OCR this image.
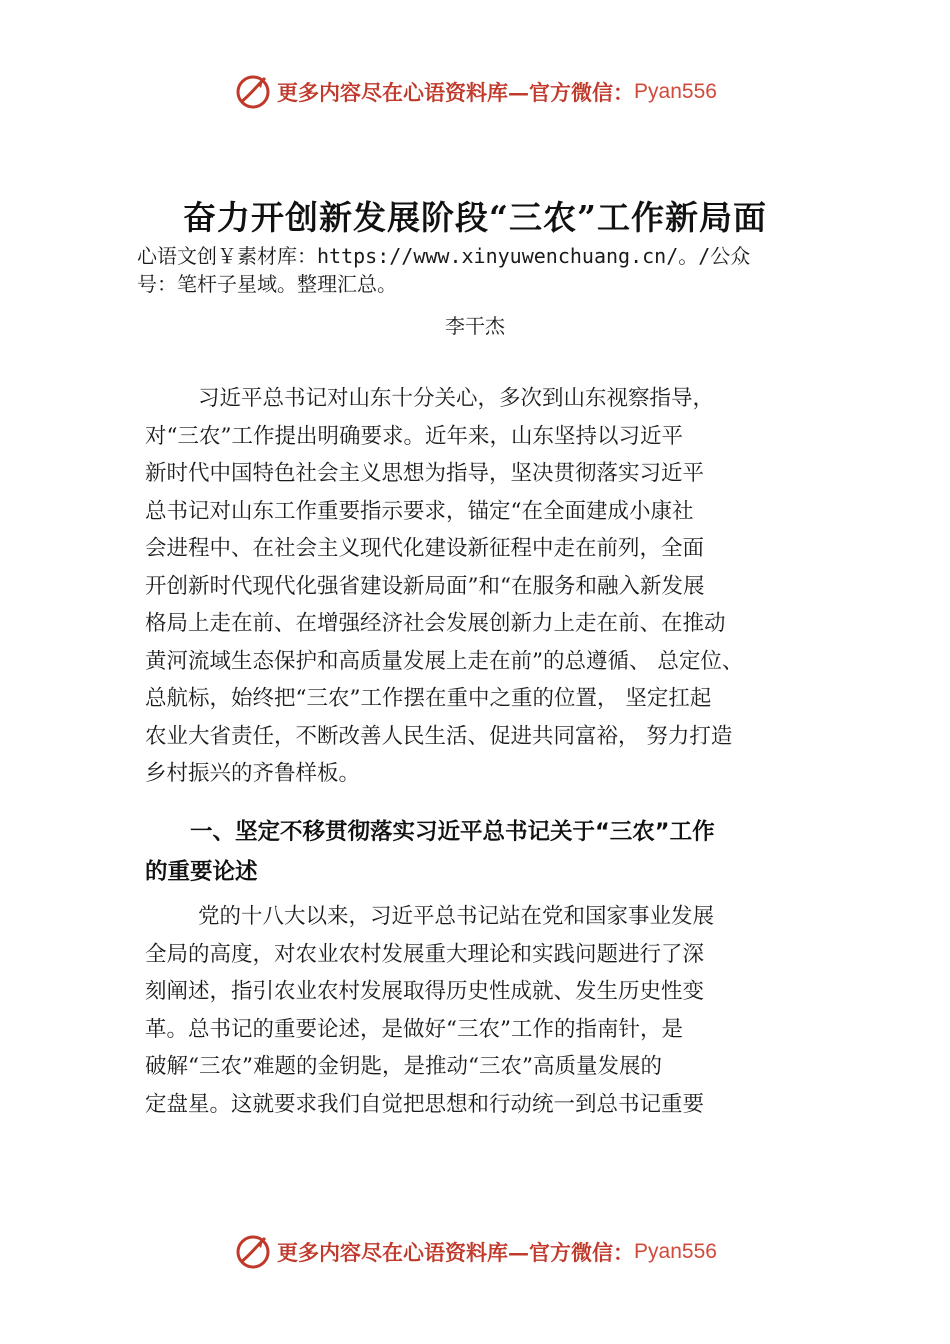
更多内容尽在心语资料库—官方微信： Pyan556
奋力开创新发展阶段“三农”工作新局面
心语文创￥素材库：https://www.xinyuwenchuang.cn/。/公众
号：笔杆子星域。整理汇总。
李干杰
习近平总书记对山东十分关心，多次到山东视察指导，
对“三农”工作提出明确要求。近年来，山东坚持以习近平
新时代中国特色社会主义思想为指导，坚决贯彻落实习近平
总书记对山东工作重要指示要求，锚定“在全面建成小康社
会进程中、在社会主义现代化建设新征程中走在前列，全面
开创新时代现代化强省建设新局面”和“在服务和融入新发展
格局上走在前、在增强经济社会发展创新力上走在前、在推动
黄河流域生态保护和高质量发展上走在前”的总遵循、 总定位、
总航标，始终把“三农”工作摆在重中之重的位置， 坚定扛起
农业大省责任，不断改善人民生活、促进共同富裕， 努力打造
乡村振兴的齐鲁样板。
一、坚定不移贯彻落实习近平总书记关于“三农”工作
的重要论述
党的十八大以来，习近平总书记站在党和国家事业发展
全局的高度，对农业农村发展重大理论和实践问题进行了深
刻阐述，指引农业农村发展取得历史性成就、发生历史性变
革。总书记的重要论述，是做好“三农”工作的指南针，是
破解“三农”难题的金钥匙，是推动“三农”高质量发展的
定盘星。这就要求我们自觉把思想和行动统一到总书记重要
更多内容尽在心语资料库—官方微信： Pyan556
